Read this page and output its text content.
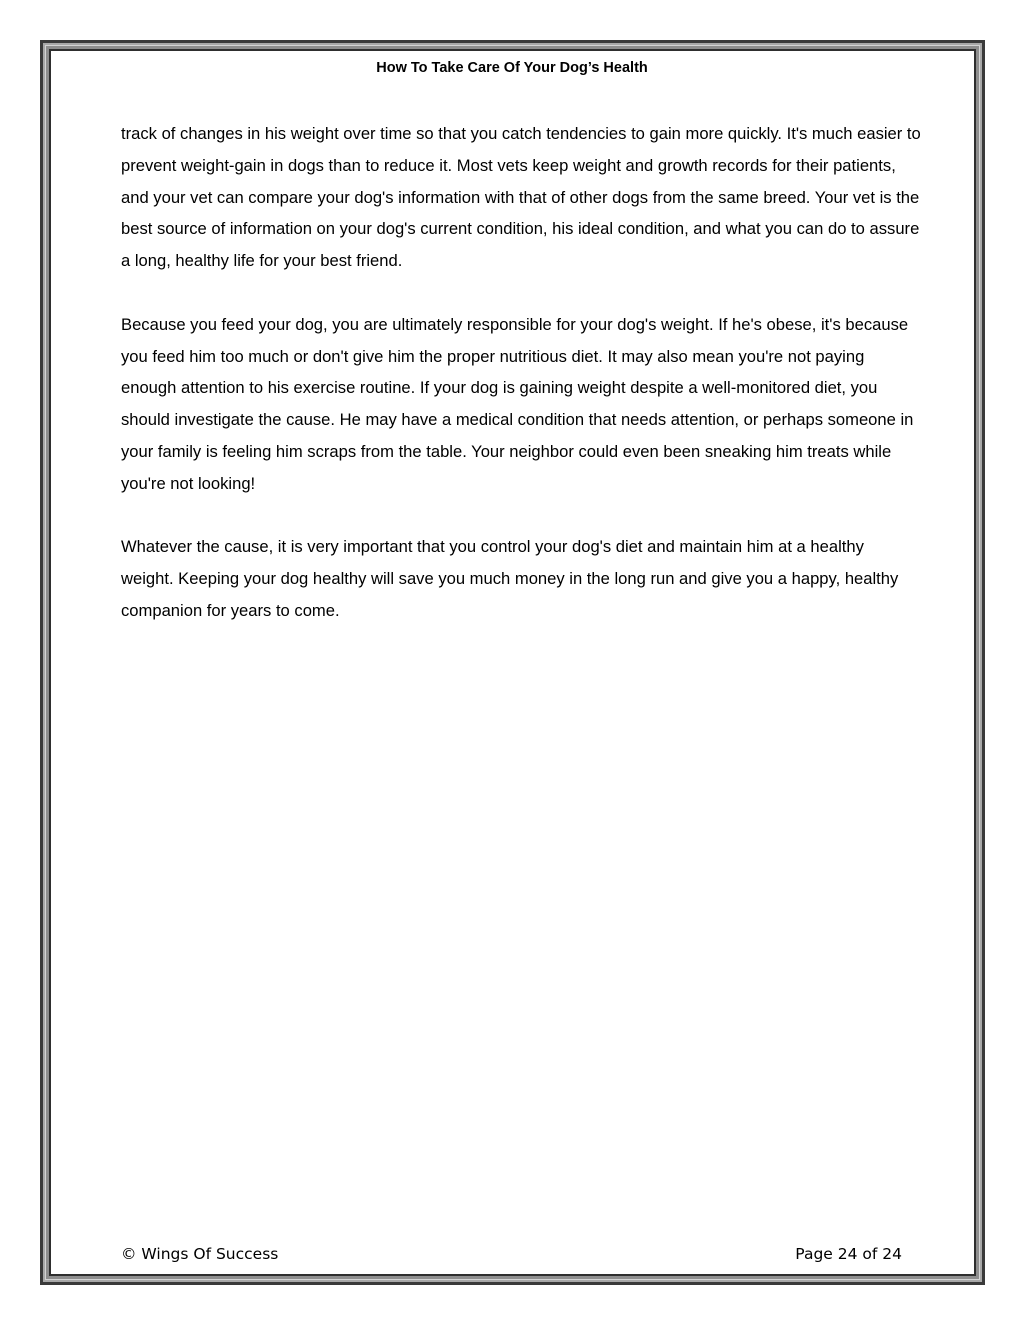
How To Take Care Of Your Dog’s Health

track of changes in his weight over time so that you catch tendencies to gain more quickly. It's much easier to prevent weight-gain in dogs than to reduce it. Most vets keep weight and growth records for their patients, and your vet can compare your dog's information with that of other dogs from the same breed. Your vet is the best source of information on your dog's current condition, his ideal condition, and what you can do to assure a long, healthy life for your best friend.

Because you feed your dog, you are ultimately responsible for your dog's weight. If he's obese, it's because you feed him too much or don't give him the proper nutritious diet. It may also mean you're not paying enough attention to his exercise routine. If your dog is gaining weight despite a well-monitored diet, you should investigate the cause. He may have a medical condition that needs attention, or perhaps someone in your family is feeling him scraps from the table. Your neighbor could even been sneaking him treats while you're not looking!

Whatever the cause, it is very important that you control your dog's diet and maintain him at a healthy weight. Keeping your dog healthy will save you much money in the long run and give you a happy, healthy companion for years to come.

© Wings Of Success	Page 24 of 24
